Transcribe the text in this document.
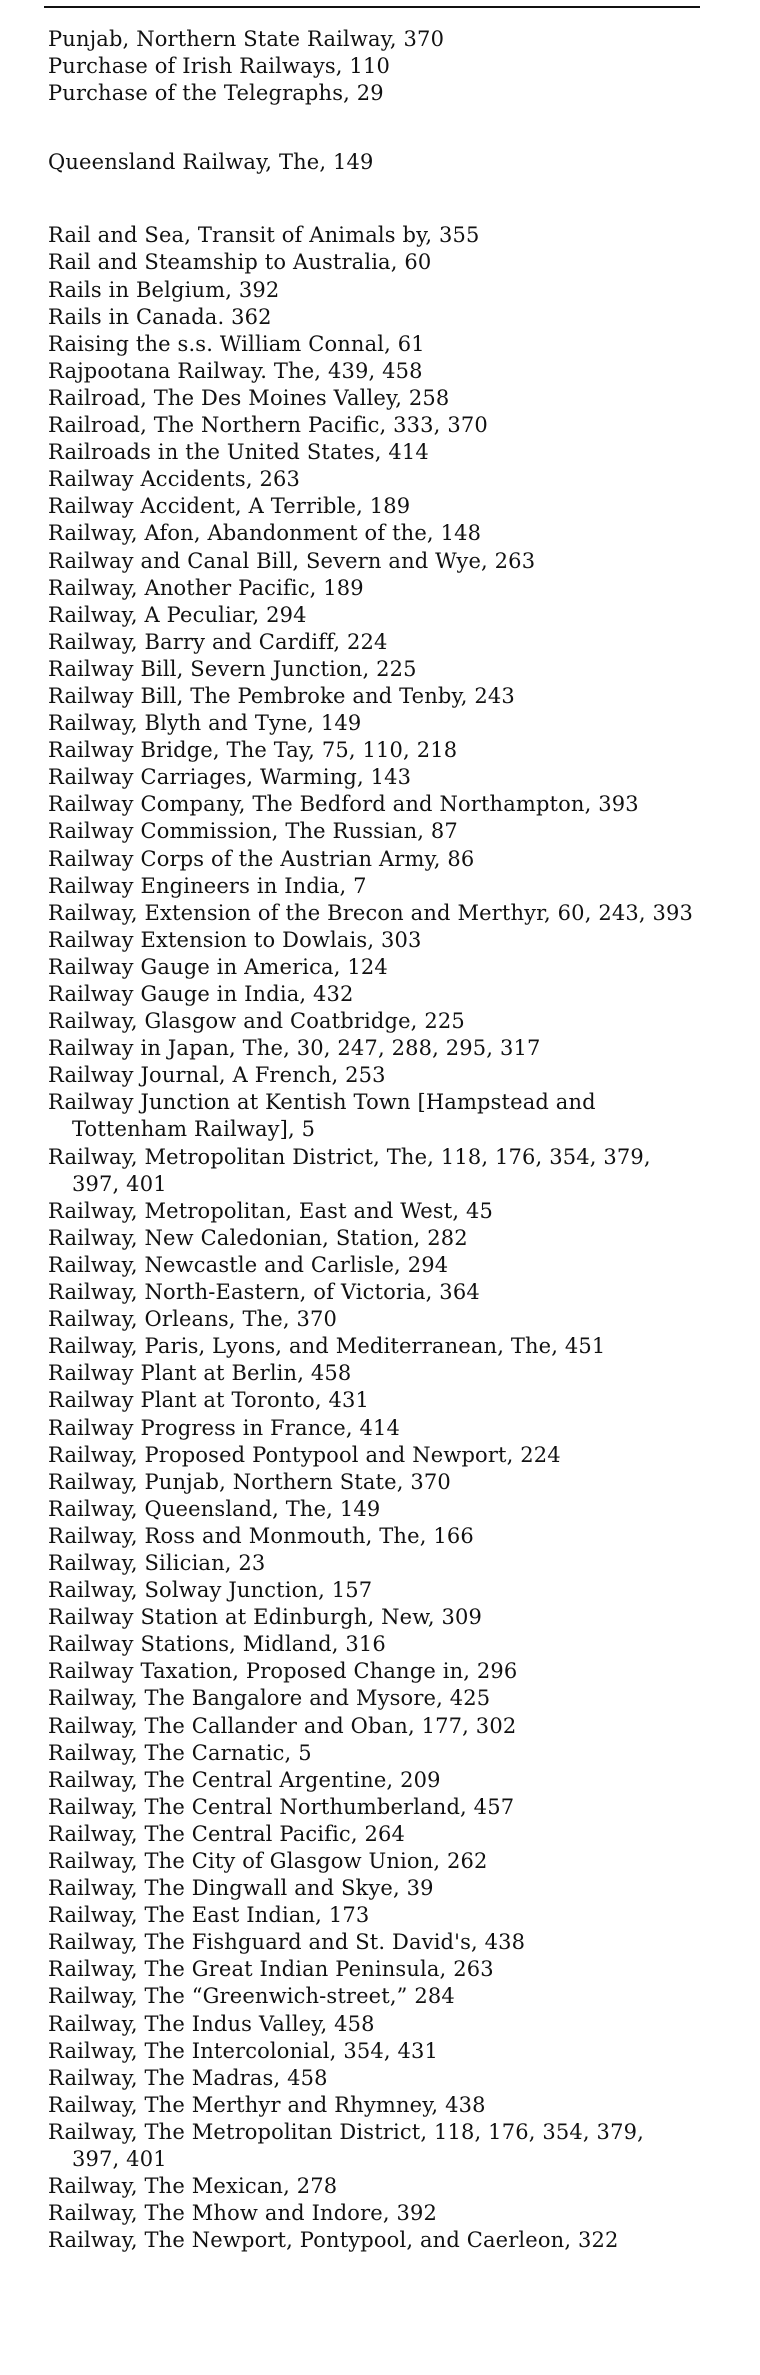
Punjab, Northern State Railway, 370
Purchase of Irish Railways, 110
Purchase of the Telegraphs, 29
Queensland Railway, The, 149
Rail and Sea, Transit of Animals by, 355
Rail and Steamship to Australia, 60
Rails in Belgium, 392
Rails in Canada. 362
Raising the s.s. William Connal, 61
Rajpootana Railway. The, 439, 458
Railroad, The Des Moines Valley, 258
Railroad, The Northern Pacific, 333, 370
Railroads in the United States, 414
Railway Accidents, 263
Railway Accident, A Terrible, 189
Railway, Afon, Abandonment of the, 148
Railway and Canal Bill, Severn and Wye, 263
Railway, Another Pacific, 189
Railway, A Peculiar, 294
Railway, Barry and Cardiff, 224
Railway Bill, Severn Junction, 225
Railway Bill, The Pembroke and Tenby, 243
Railway, Blyth and Tyne, 149
Railway Bridge, The Tay, 75, 110, 218
Railway Carriages, Warming, 143
Railway Company, The Bedford and Northampton, 393
Railway Commission, The Russian, 87
Railway Corps of the Austrian Army, 86
Railway Engineers in India, 7
Railway, Extension of the Brecon and Merthyr, 60, 243, 393
Railway Extension to Dowlais, 303
Railway Gauge in America, 124
Railway Gauge in India, 432
Railway, Glasgow and Coatbridge, 225
Railway in Japan, The, 30, 247, 288, 295, 317
Railway Journal, A French, 253
Railway Junction at Kentish Town [Hampstead and Tottenham Railway], 5
Railway, Metropolitan District, The, 118, 176, 354, 379, 397, 401
Railway, Metropolitan, East and West, 45
Railway, New Caledonian, Station, 282
Railway, Newcastle and Carlisle, 294
Railway, North-Eastern, of Victoria, 364
Railway, Orleans, The, 370
Railway, Paris, Lyons, and Mediterranean, The, 451
Railway Plant at Berlin, 458
Railway Plant at Toronto, 431
Railway Progress in France, 414
Railway, Proposed Pontypool and Newport, 224
Railway, Punjab, Northern State, 370
Railway, Queensland, The, 149
Railway, Ross and Monmouth, The, 166
Railway, Silician, 23
Railway, Solway Junction, 157
Railway Station at Edinburgh, New, 309
Railway Stations, Midland, 316
Railway Taxation, Proposed Change in, 296
Railway, The Bangalore and Mysore, 425
Railway, The Callander and Oban, 177, 302
Railway, The Carnatic, 5
Railway, The Central Argentine, 209
Railway, The Central Northumberland, 457
Railway, The Central Pacific, 264
Railway, The City of Glasgow Union, 262
Railway, The Dingwall and Skye, 39
Railway, The East Indian, 173
Railway, The Fishguard and St. David's, 438
Railway, The Great Indian Peninsula, 263
Railway, The “Greenwich-street,” 284
Railway, The Indus Valley, 458
Railway, The Intercolonial, 354, 431
Railway, The Madras, 458
Railway, The Merthyr and Rhymney, 438
Railway, The Metropolitan District, 118, 176, 354, 379, 397, 401
Railway, The Mexican, 278
Railway, The Mhow and Indore, 392
Railway, The Newport, Pontypool, and Caerleon, 322
